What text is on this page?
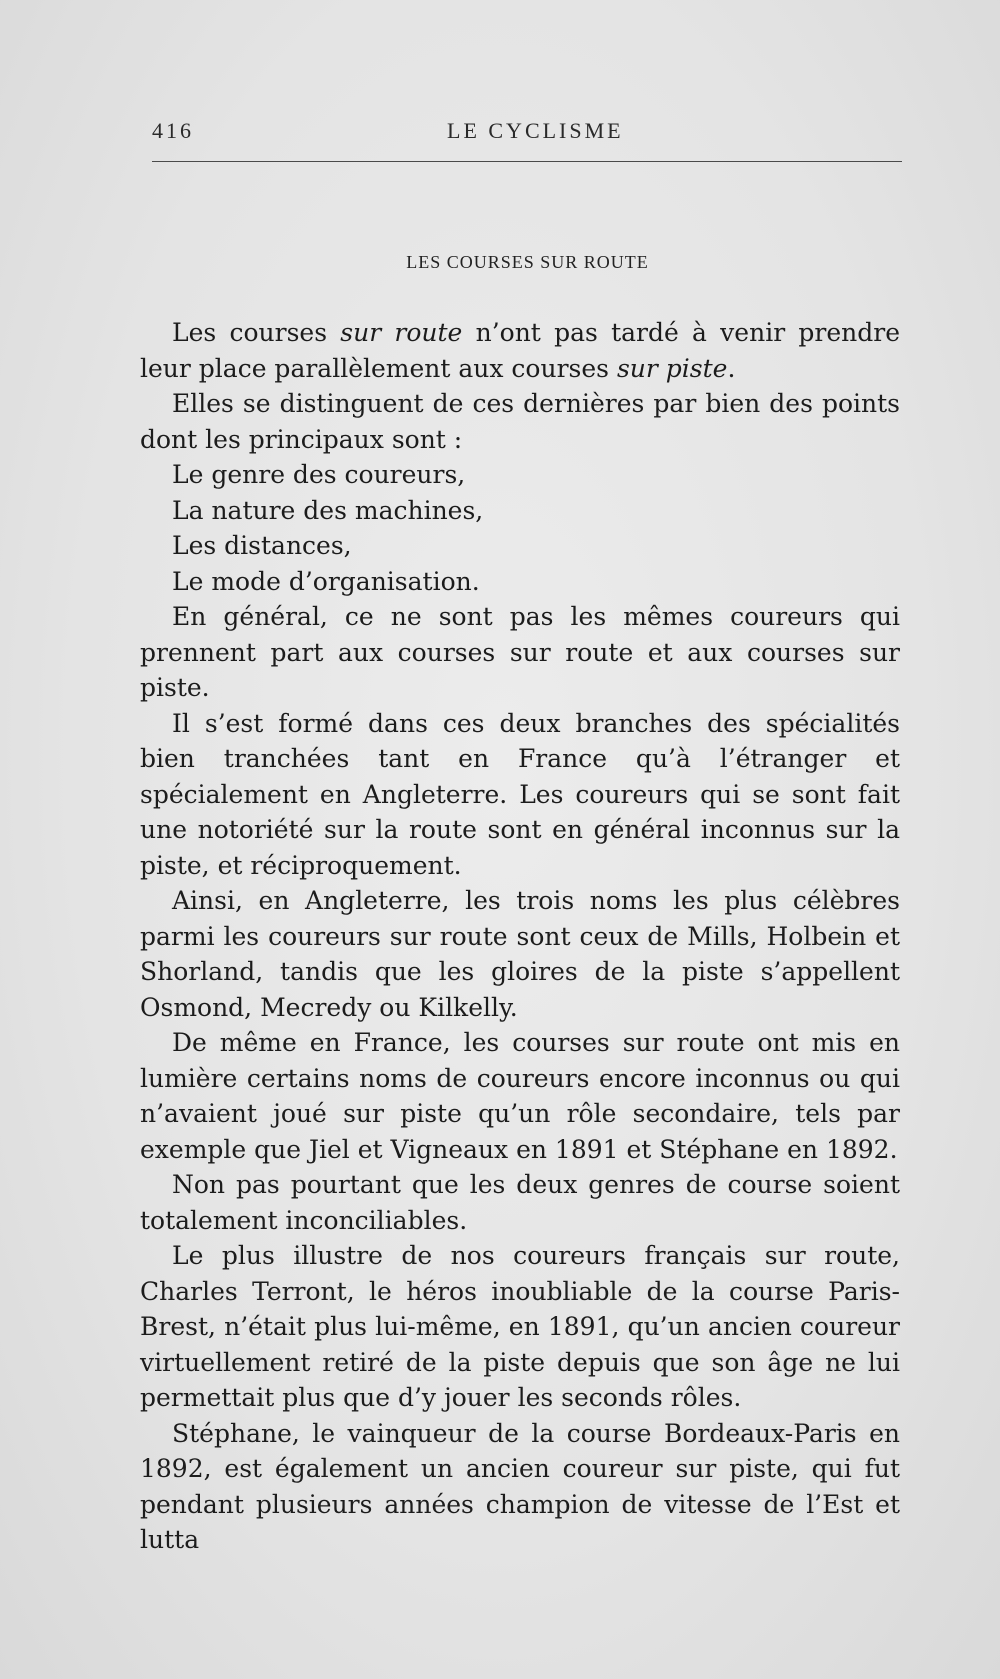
416	LE CYCLISME
LES COURSES SUR ROUTE

Les courses sur route n’ont pas tardé à venir prendre leur place parallèlement aux courses sur piste.

Elles se distinguent de ces dernières par bien des points dont les principaux sont :

Le genre des coureurs,

La nature des machines,

Les distances,

Le mode d’organisation.

En général, ce ne sont pas les mêmes coureurs qui prennent part aux courses sur route et aux courses sur piste.

Il s’est formé dans ces deux branches des spécialités bien tranchées tant en France qu’à l’étranger et spécialement en Angleterre. Les coureurs qui se sont fait une notoriété sur la route sont en général inconnus sur la piste, et réciproquement.

Ainsi, en Angleterre, les trois noms les plus célèbres parmi les coureurs sur route sont ceux de Mills, Holbein et Shorland, tandis que les gloires de la piste s’appellent Osmond, Mecredy ou Kilkelly.

De même en France, les courses sur route ont mis en lumière certains noms de coureurs encore inconnus ou qui n’avaient joué sur piste qu’un rôle secondaire, tels par exemple que Jiel et Vigneaux en 1891 et Stéphane en 1892.

Non pas pourtant que les deux genres de course soient totalement inconciliables.

Le plus illustre de nos coureurs français sur route, Charles Terront, le héros inoubliable de la course Paris-Brest, n’était plus lui-même, en 1891, qu’un ancien coureur virtuellement retiré de la piste depuis que son âge ne lui permettait plus que d’y jouer les seconds rôles.

Stéphane, le vainqueur de la course Bordeaux-Paris en 1892, est également un ancien coureur sur piste, qui fut pendant plusieurs années champion de vitesse de l’Est et lutta
